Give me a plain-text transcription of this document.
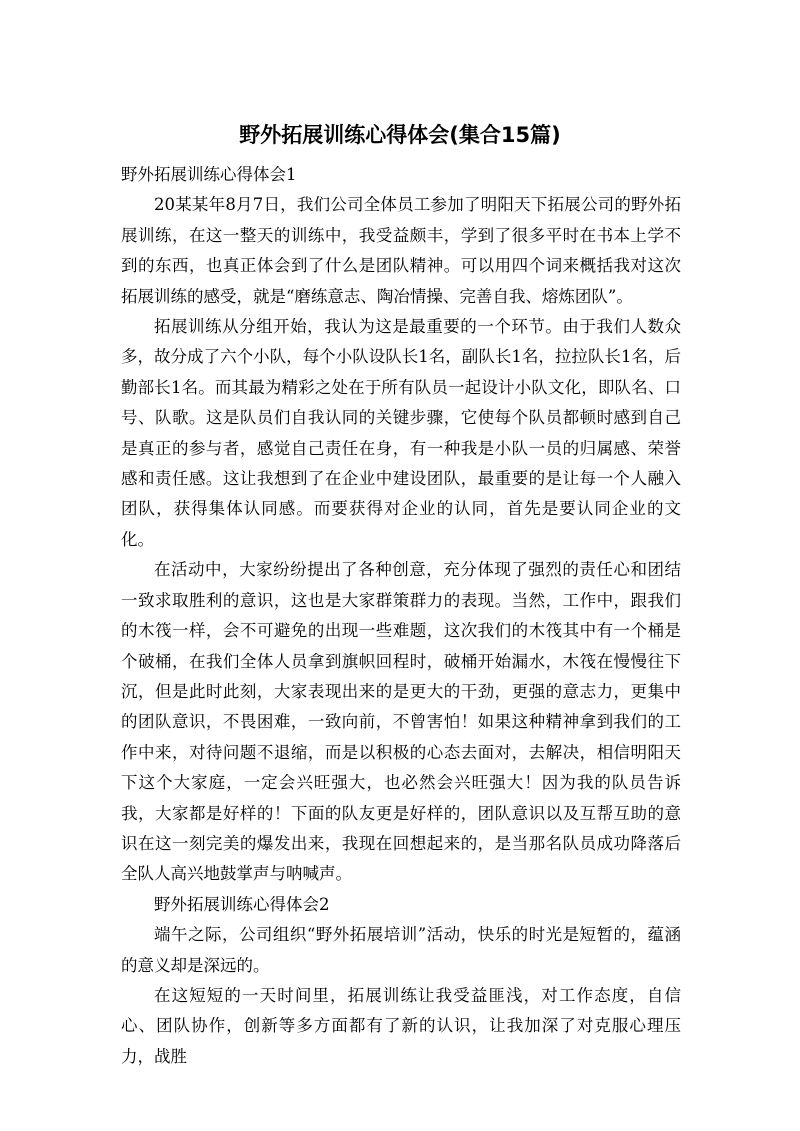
野外拓展训练心得体会(集合15篇)

野外拓展训练心得体会1

20某某年8月7日，我们公司全体员工参加了明阳天下拓展公司的野外拓展训练，在这一整天的训练中，我受益颇丰，学到了很多平时在书本上学不到的东西，也真正体会到了什么是团队精神。可以用四个词来概括我对这次拓展训练的感受，就是“磨练意志、陶冶情操、完善自我、熔炼团队”。

拓展训练从分组开始，我认为这是最重要的一个环节。由于我们人数众多，故分成了六个小队，每个小队设队长1名，副队长1名，拉拉队长1名，后勤部长1名。而其最为精彩之处在于所有队员一起设计小队文化，即队名、口号、队歌。这是队员们自我认同的关键步骤，它使每个队员都顿时感到自己是真正的参与者，感觉自己责任在身，有一种我是小队一员的归属感、荣誉感和责任感。这让我想到了在企业中建设团队，最重要的是让每一个人融入团队，获得集体认同感。而要获得对企业的认同，首先是要认同企业的文化。

在活动中，大家纷纷提出了各种创意，充分体现了强烈的责任心和团结一致求取胜利的意识，这也是大家群策群力的表现。当然，工作中，跟我们的木筏一样，会不可避免的出现一些难题，这次我们的木筏其中有一个桶是个破桶，在我们全体人员拿到旗帜回程时，破桶开始漏水，木筏在慢慢往下沉，但是此时此刻，大家表现出来的是更大的干劲，更强的意志力，更集中的团队意识，不畏困难，一致向前，不曾害怕！如果这种精神拿到我们的工作中来，对待问题不退缩，而是以积极的心态去面对，去解决，相信明阳天下这个大家庭，一定会兴旺强大，也必然会兴旺强大！因为我的队员告诉我，大家都是好样的！下面的队友更是好样的，团队意识以及互帮互助的意识在这一刻完美的爆发出来，我现在回想起来的，是当那名队员成功降落后全队人高兴地鼓掌声与呐喊声。

野外拓展训练心得体会2

端午之际，公司组织“野外拓展培训”活动，快乐的时光是短暂的，蕴涵的意义却是深远的。

在这短短的一天时间里，拓展训练让我受益匪浅，对工作态度，自信心、团队协作，创新等多方面都有了新的认识，让我加深了对克服心理压力，战胜
